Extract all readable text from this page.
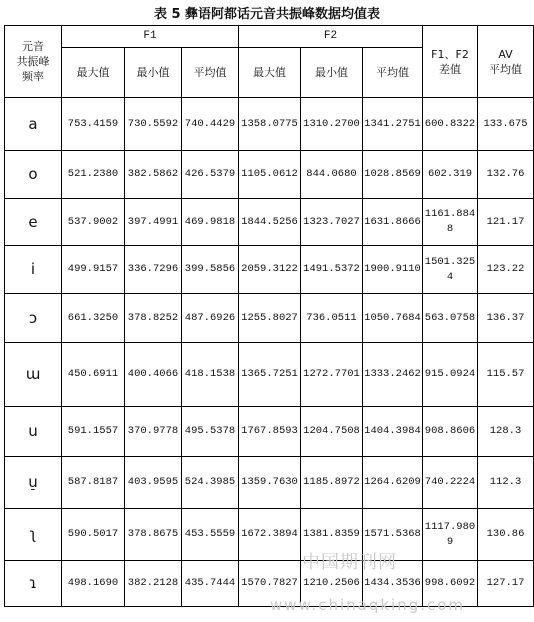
表 5 彝语阿都话元音共振峰数据均值表
元音
共振峰
频率	F1			F2			F1、F2
差值	AV
平均值

	最大值	最小值	平均值	最大值	最小值	平均值		
a	753.4159	730.5592	740.4429	1358.0775	1310.2700	1341.2751	600.8322	133.675

o	521.2380	382.5862	426.5379	1105.0612	844.0680	1028.8569	602.319	132.76

e	537.9002	397.4991	469.9818	1844.5256	1323.7027	1631.8666	1161.8848	121.17

i	499.9157	336.7296	399.5856	2059.3122	1491.5372	1900.9110	1501.3254	123.22

ɔ	661.3250	378.8252	487.6926	1255.8027	736.0511	1050.7684	563.0758	136.37

ɯ	450.6911	400.4066	418.1538	1365.7251	1272.7701	1333.2462	915.0924	115.57

u	591.1557	370.9778	495.5378	1767.8593	1204.7508	1404.3984	908.8606	128.3

u̠	587.8187	403.9595	524.3985	1359.7630	1185.8972	1264.6209	740.2224	112.3

ʅ	590.5017	378.8675	453.5559	1672.3894	1381.8359	1571.5368	1117.9809	130.86

ɿ	498.1690	382.2128	435.7444	1570.7827	1210.2506	1434.3536	998.6092	127.17
中国期刊网
www.chinaqking.com
